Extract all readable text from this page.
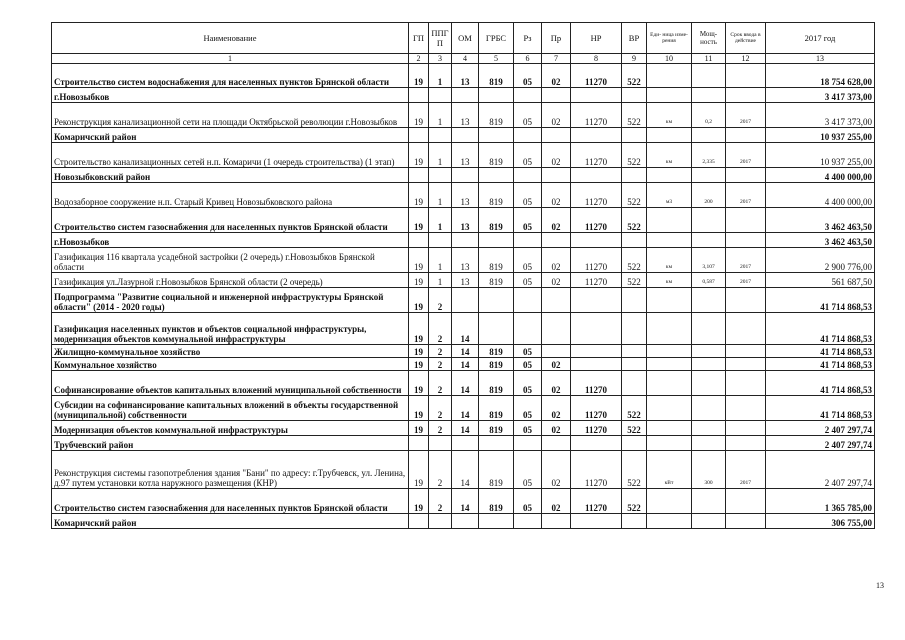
Наименование	ГП	ППГ П	ОМ	ГРБС	Рз	Пр	НР	ВР	Еди- ница изме- рения	Мощ- ность	Срок ввода в действие	2017 год
1	2	3	4	5	6	7	8	9	10	11	12	13
Строительство систем водоснабжения для населенных пунктов Брянской области	19	1	13	819	05	02	11270	522				18 754 628,00
г.Новозыбков												3 417 373,00
Реконструкция канализационной сети на площади Октябрьской революции г.Новозыбков	19	1	13	819	05	02	11270	522	км	0,2	2017	3 417 373,00
Комаричский район												10 937 255,00
Строительство канализационных сетей н.п. Комаричи (1 очередь строительства) (1 этап)	19	1	13	819	05	02	11270	522	км	2,335	2017	10 937 255,00
Новозыбковский район												4 400 000,00
Водозаборное сооружение н.п. Старый Кривец Новозыбковского района	19	1	13	819	05	02	11270	522	м3	200	2017	4 400 000,00
Строительство систем газоснабжения для населенных пунктов Брянской области	19	1	13	819	05	02	11270	522				3 462 463,50
г.Новозыбков												3 462 463,50
Газификация 116 квартала усадебной застройки (2 очередь) г.Новозыбков Брянской области	19	1	13	819	05	02	11270	522	км	3,107	2017	2 900 776,00
Газификация ул.Лазурной г.Новозыбков Брянской области (2 очередь)	19	1	13	819	05	02	11270	522	км	0,587	2017	561 687,50
Подпрограмма "Развитие социальной и инженерной инфраструктуры Брянской области" (2014 - 2020 годы)	19	2										41 714 868,53
Газификация населенных пунктов и объектов социальной инфраструктуры, модернизация объектов коммунальной инфраструктуры	19	2	14									41 714 868,53
Жилищно-коммунальное хозяйство	19	2	14	819	05							41 714 868,53
Коммунальное хозяйство	19	2	14	819	05	02						41 714 868,53
Софинансирование объектов капитальных вложений муниципальной собственности	19	2	14	819	05	02	11270					41 714 868,53
Субсидии на софинансирование капитальных вложений в объекты государственной (муниципальной) собственности	19	2	14	819	05	02	11270	522				41 714 868,53
Модернизация объектов коммунальной инфраструктуры	19	2	14	819	05	02	11270	522				2 407 297,74
Трубчевский район												2 407 297,74
Реконструкция системы газопотребления здания "Бани" по адресу: г.Трубчевск, ул. Ленина, д.97 путем установки котла наружного размещения (КНР)	19	2	14	819	05	02	11270	522	кВт	300	2017	2 407 297,74
Строительство систем газоснабжения для населенных пунктов Брянской области	19	2	14	819	05	02	11270	522				1 365 785,00
Комаричский район												306 755,00
13
